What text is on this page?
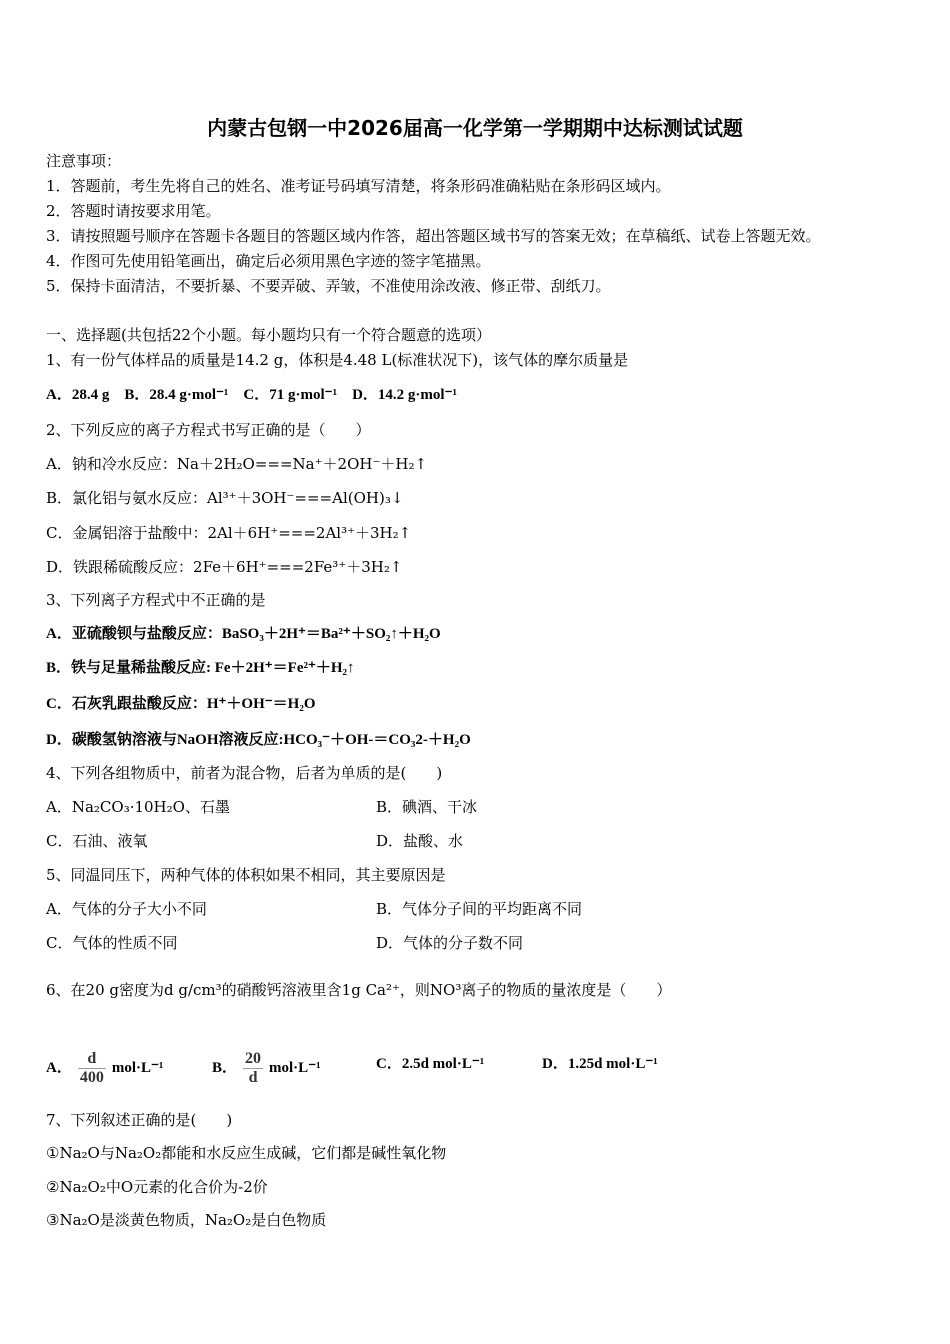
内蒙古包钢一中2026届高一化学第一学期期中达标测试试题
注意事项：
1．答题前，考生先将自己的姓名、准考证号码填写清楚，将条形码准确粘贴在条形码区域内。
2．答题时请按要求用笔。
3．请按照题号顺序在答题卡各题目的答题区域内作答，超出答题区域书写的答案无效；在草稿纸、试卷上答题无效。
4．作图可先使用铅笔画出，确定后必须用黑色字迹的签字笔描黑。
5．保持卡面清洁，不要折暴、不要弄破、弄皱，不准使用涂改液、修正带、刮纸刀。
一、选择题(共包括22个小题。每小题均只有一个符合题意的选项）
1、有一份气体样品的质量是14.2 g，体积是4.48 L(标准状况下)，该气体的摩尔质量是
A．28.4 g　B．28.4 g·mol⁻¹　C．71 g·mol⁻¹　D．14.2 g·mol⁻¹
2、下列反应的离子方程式书写正确的是（　　）
A．钠和冷水反应：Na＋2H₂O===Na⁺＋2OH⁻＋H₂↑
B．氯化铝与氨水反应：Al³⁺＋3OH⁻===Al(OH)₃↓
C．金属铝溶于盐酸中：2Al＋6H⁺===2Al³⁺＋3H₂↑
D．铁跟稀硫酸反应：2Fe＋6H⁺===2Fe³⁺＋3H₂↑
3、下列离子方程式中不正确的是
A．亚硫酸钡与盐酸反应：BaSO₃＋2H⁺＝Ba²⁺＋SO₂↑＋H₂O
B．铁与足量稀盐酸反应: Fe＋2H⁺＝Fe²⁺＋H₂↑
C．石灰乳跟盐酸反应：H⁺＋OH⁻＝H₂O
D．碳酸氢钠溶液与NaOH溶液反应:HCO₃⁻＋OH-＝CO₃2-＋H₂O
4、下列各组物质中，前者为混合物，后者为单质的是(　　)
A．Na₂CO₃·10H₂O、石墨	B．碘酒、干冰
C．石油、液氧	D．盐酸、水
5、同温同压下，两种气体的体积如果不相同，其主要原因是
A．气体的分子大小不同	B．气体分子间的平均距离不同
C．气体的性质不同	D．气体的分子数不同
6、在20 g密度为d g/cm³的硝酸钙溶液里含1g Ca²⁺，则NO³离子的物质的量浓度是（　　）
A． $\frac{d}{400} mol\cdot L^{-1}$	B． $\frac{20}{d} mol\cdot L^{-1}$	C．2.5d mol·L⁻¹	D．1.25d mol·L⁻¹
7、下列叙述正确的是(　　)
①Na₂O与Na₂O₂都能和水反应生成碱，它们都是碱性氧化物
②Na₂O₂中O元素的化合价为-2价
③Na₂O是淡黄色物质，Na₂O₂是白色物质
